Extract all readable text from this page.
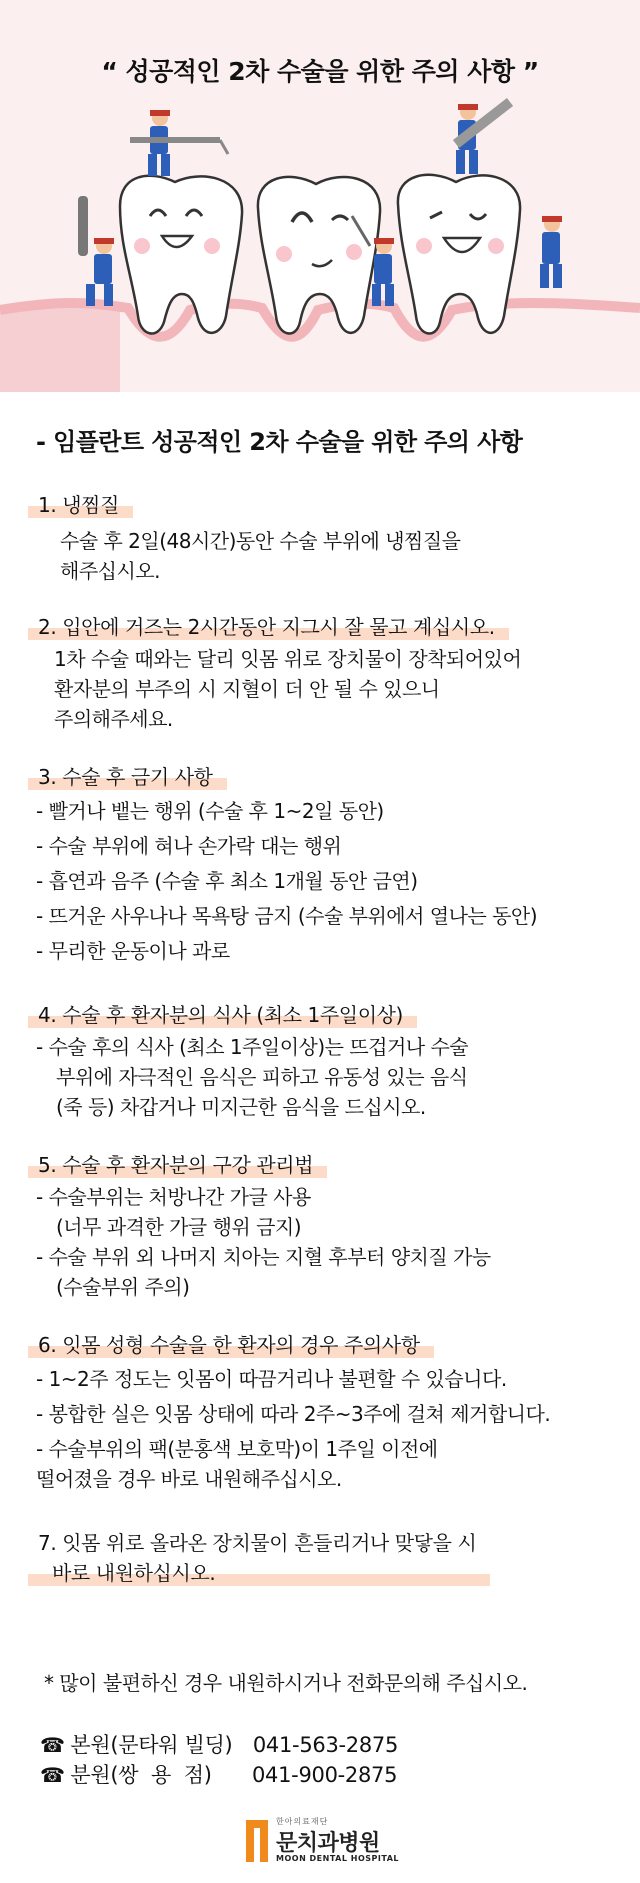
“ 성공적인 2차 수술을 위한 주의 사항 ”
- 임플란트 성공적인 2차 수술을 위한 주의 사항
1. 냉찜질
수술 후 2일(48시간)동안 수술 부위에 냉찜질을
해주십시오.
2. 입안에 거즈는 2시간동안 지그시 잘 물고 계십시오.
1차 수술 때와는 달리 잇몸 위로 장치물이 장착되어있어
환자분의 부주의 시 지혈이 더 안 될 수 있으니
주의해주세요.
3. 수술 후 금기 사항
- 빨거나 뱉는 행위 (수술 후 1~2일 동안)
- 수술 부위에 혀나 손가락 대는 행위
- 흡연과 음주 (수술 후 최소 1개월 동안 금연)
- 뜨거운 사우나나 목욕탕 금지 (수술 부위에서 열나는 동안)
- 무리한 운동이나 과로
4. 수술 후 환자분의 식사 (최소 1주일이상)
- 수술 후의 식사 (최소 1주일이상)는 뜨겁거나 수술
부위에 자극적인 음식은 피하고 유동성 있는 음식
(죽 등) 차갑거나 미지근한 음식을 드십시오.
5. 수술 후 환자분의 구강 관리법
- 수술부위는 처방나간 가글 사용
(너무 과격한 가글 행위 금지)
- 수술 부위 외 나머지 치아는 지혈 후부터 양치질 가능
(수술부위 주의)
6. 잇몸 성형 수술을 한 환자의 경우 주의사항
- 1~2주 정도는 잇몸이 따끔거리나 불편할 수 있습니다.
- 봉합한 실은 잇몸 상태에 따라 2주~3주에 걸쳐 제거합니다.
- 수술부위의 팩(분홍색 보호막)이 1주일 이전에
떨어졌을 경우 바로 내원해주십시오.
7. 잇몸 위로 올라온 장치물이 흔들리거나 맞닿을 시
바로 내원하십시오.
* 많이 불편하신 경우 내원하시거나 전화문의해 주십시오.
☎ 본원(문타워 빌딩) 041-563-2875
☎ 분원(쌍  용  점) 041-900-2875
한아의료재단
문치과병원
MOON DENTAL HOSPITAL
